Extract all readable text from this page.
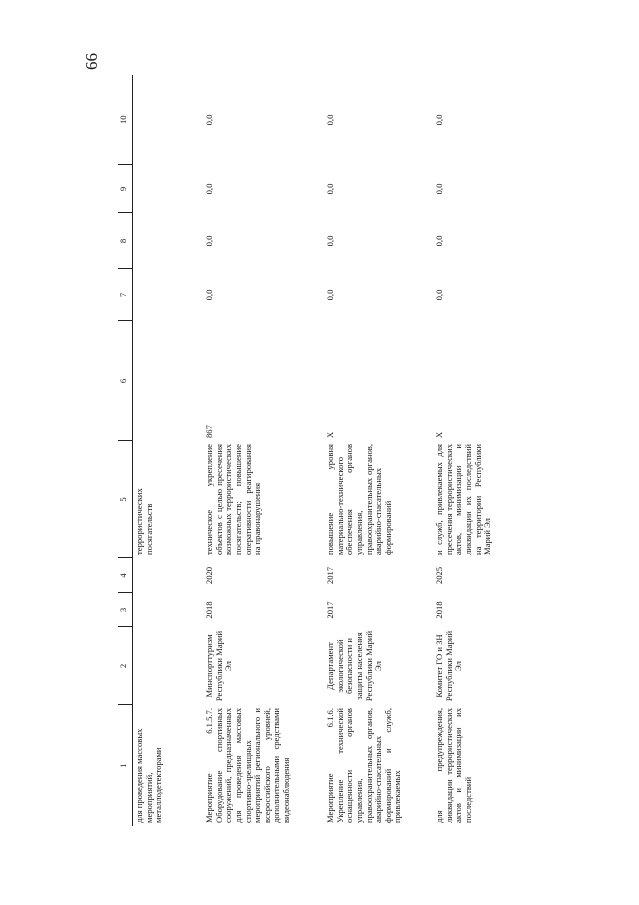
66
1	2	3	4	5	6	7	8	9	10
для проведения массовых мероприятий, металлодетекторами				террористических посягательств					
Мероприятие 6.1.5.7. Оборудование спортивных сооружений, предназначенных для проведения массовых спортивно-зрелищных мероприятий регионального и всероссийского уровней, дополнительными средствами видеонаблюдения	Минспорттуризм Республики Марий Эл	2018	2020	техническое укрепление объектов с целью пресечения возможных террористических посягательств; повышение оперативности реагирования на правонарушения	867	0,0	0,0	0,0	0,0
Мероприятие 6.1.6. Укрепление технической оснащенности органов управления, правоохранительных органов, аварийно-спасательных формирований и служб, привлекаемых	Департамент экологической безопасности и защиты населения Республики Марий Эл	2017	2017	повышение уровня материально-технического обеспечения органов управления, правоохранительных органов, аварийно-спасательных формирований	X	0,0	0,0	0,0	0,0
для предупреждения, ликвидации террористических актов и минимизации их последствий	Комитет ГО и ЗН Республики Марий Эл	2018	2025	и служб, привлекаемых для пресечения террористических актов, минимизации и ликвидации их последствий на территории Республики Марий Эл	X	0,0	0,0	0,0	0,0
